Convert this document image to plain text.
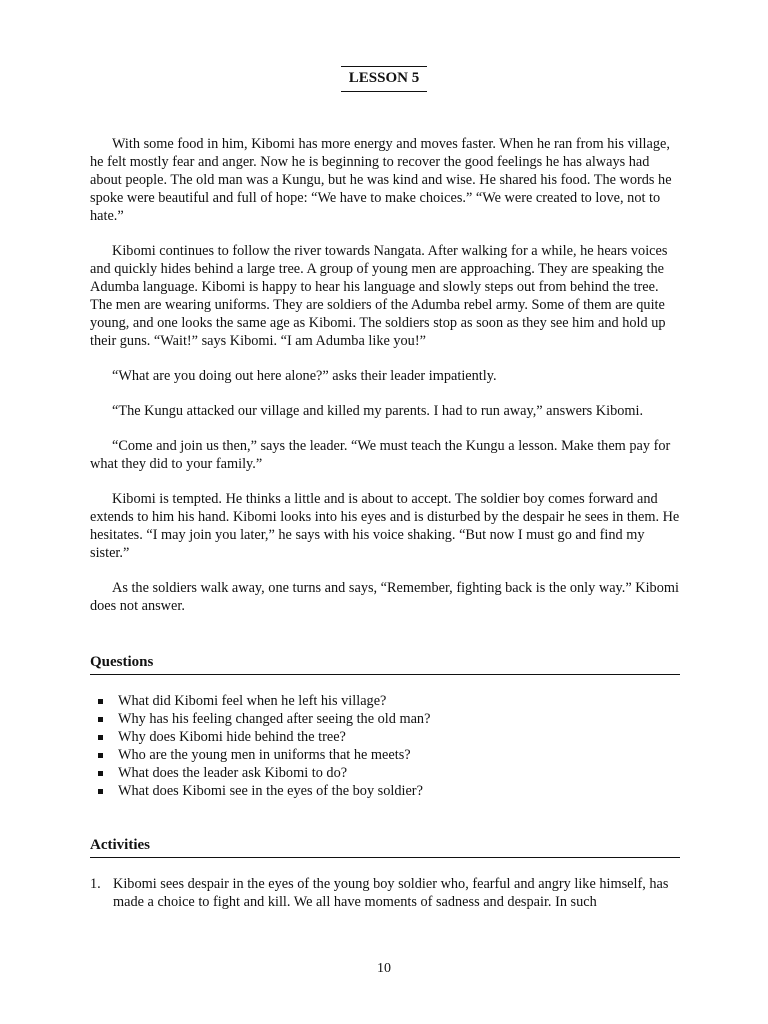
LESSON 5

With some food in him, Kibomi has more energy and moves faster. When he ran from his village, he felt mostly fear and anger. Now he is beginning to recover the good feelings he has always had about people. The old man was a Kungu, but he was kind and wise. He shared his food. The words he spoke were beautiful and full of hope: “We have to make choices.” “We were created to love, not to hate.”

Kibomi continues to follow the river towards Nangata. After walking for a while, he hears voices and quickly hides behind a large tree. A group of young men are approaching. They are speaking the Adumba language. Kibomi is happy to hear his language and slowly steps out from behind the tree. The men are wearing uniforms. They are soldiers of the Adumba rebel army. Some of them are quite young, and one looks the same age as Kibomi. The soldiers stop as soon as they see him and hold up their guns. “Wait!” says Kibomi. “I am Adumba like you!”

“What are you doing out here alone?” asks their leader impatiently.

“The Kungu attacked our village and killed my parents. I had to run away,” answers Kibomi.

“Come and join us then,” says the leader. “We must teach the Kungu a lesson. Make them pay for what they did to your family.”

Kibomi is tempted. He thinks a little and is about to accept. The soldier boy comes forward and extends to him his hand. Kibomi looks into his eyes and is disturbed by the despair he sees in them. He hesitates. “I may join you later,” he says with his voice shaking. “But now I must go and find my sister.”

As the soldiers walk away, one turns and says, “Remember, fighting back is the only way.” Kibomi does not answer.

Questions
What did Kibomi feel when he left his village?
Why has his feeling changed after seeing the old man?
Why does Kibomi hide behind the tree?
Who are the young men in uniforms that he meets?
What does the leader ask Kibomi to do?
What does Kibomi see in the eyes of the boy soldier?
Activities
1. Kibomi sees despair in the eyes of the young boy soldier who, fearful and angry like himself, has made a choice to fight and kill. We all have moments of sadness and despair. In such
10
